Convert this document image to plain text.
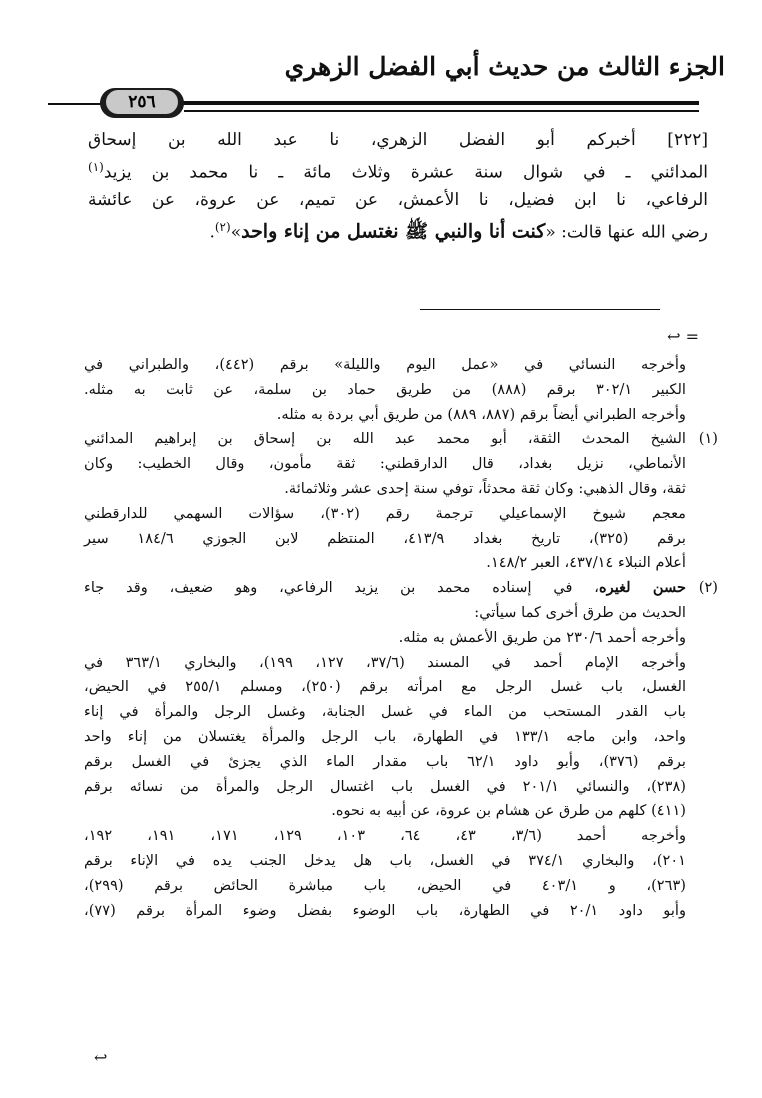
الجزء الثالث من حديث أبي الفضل الزهري
٢٥٦
[٢٢٢] أخبركم أبو الفضل الزهري، نا عبد الله بن إسحاق
المدائني ـ في شوال سنة عشرة وثلاث مائة ـ نا محمد بن يزيد$^{(١)}$
الرفاعي، نا ابن فضيل، نا الأعمش، عن تميم، عن عروة، عن عائشة
رضي الله عنها قالت: «كنت أنا والنبي ﷺ نغتسل من إناء واحد»$^{(٢)}$.
= ↩

وأخرجه النسائي في «عمل اليوم والليلة» برقم (٤٤٢)، والطبراني في

الكبير ٣٠٢/١ برقم (٨٨٨) من طريق حماد بن سلمة، عن ثابت به مثله.

وأخرجه الطبراني أيضاً برقم (٨٨٧، ٨٨٩) من طريق أبي بردة به مثله.

(١)

الشيخ المحدث الثقة، أبو محمد عبد الله بن إسحاق بن إبراهيم المدائني

الأنماطي، نزيل بغداد، قال الدارقطني: ثقة مأمون، وقال الخطيب: وكان

ثقة، وقال الذهبي: وكان ثقة محدثاً، توفي سنة إحدى عشر وثلاثمائة.

معجم شيوخ الإسماعيلي ترجمة رقم (٣٠٢)، سؤالات السهمي للدارقطني

برقم (٣٢٥)، تاريخ بغداد ٤١٣/٩، المنتظم لابن الجوزي ١٨٤/٦ سير

أعلام النبلاء ٤٣٧/١٤، العبر ١٤٨/٢.

(٢)

حسن لغيره، في إسناده محمد بن يزيد الرفاعي، وهو ضعيف، وقد جاء

الحديث من طرق أخرى كما سيأتي:

وأخرجه أحمد ٢٣٠/٦ من طريق الأعمش به مثله.

وأخرجه الإمام أحمد في المسند (٣٧/٦، ١٢٧، ١٩٩)، والبخاري ٣٦٣/١ في

الغسل، باب غسل الرجل مع امرأته برقم (٢٥٠)، ومسلم ٢٥٥/١ في الحيض،

باب القدر المستحب من الماء في غسل الجنابة، وغسل الرجل والمرأة في إناء

واحد، وابن ماجه ١٣٣/١ في الطهارة، باب الرجل والمرأة يغتسلان من إناء واحد

برقم (٣٧٦)، وأبو داود ٦٢/١ باب مقدار الماء الذي يجزئ في الغسل برقم

(٢٣٨)، والنسائي ٢٠١/١ في الغسل باب اغتسال الرجل والمرأة من نسائه برقم

(٤١١) كلهم من طرق عن هشام بن عروة، عن أبيه به نحوه.

وأخرجه أحمد (٣/٦، ٤٣، ٦٤، ١٠٣، ١٢٩، ١٧١، ١٩١، ١٩٢،

٢٠١)، والبخاري ٣٧٤/١ في الغسل، باب هل يدخل الجنب يده في الإناء برقم

(٢٦٣)، و ٤٠٣/١ في الحيض، باب مباشرة الحائض برقم (٢٩٩)،

وأبو داود ٢٠/١ في الطهارة، باب الوضوء بفضل وضوء المرأة برقم (٧٧)،

↩
